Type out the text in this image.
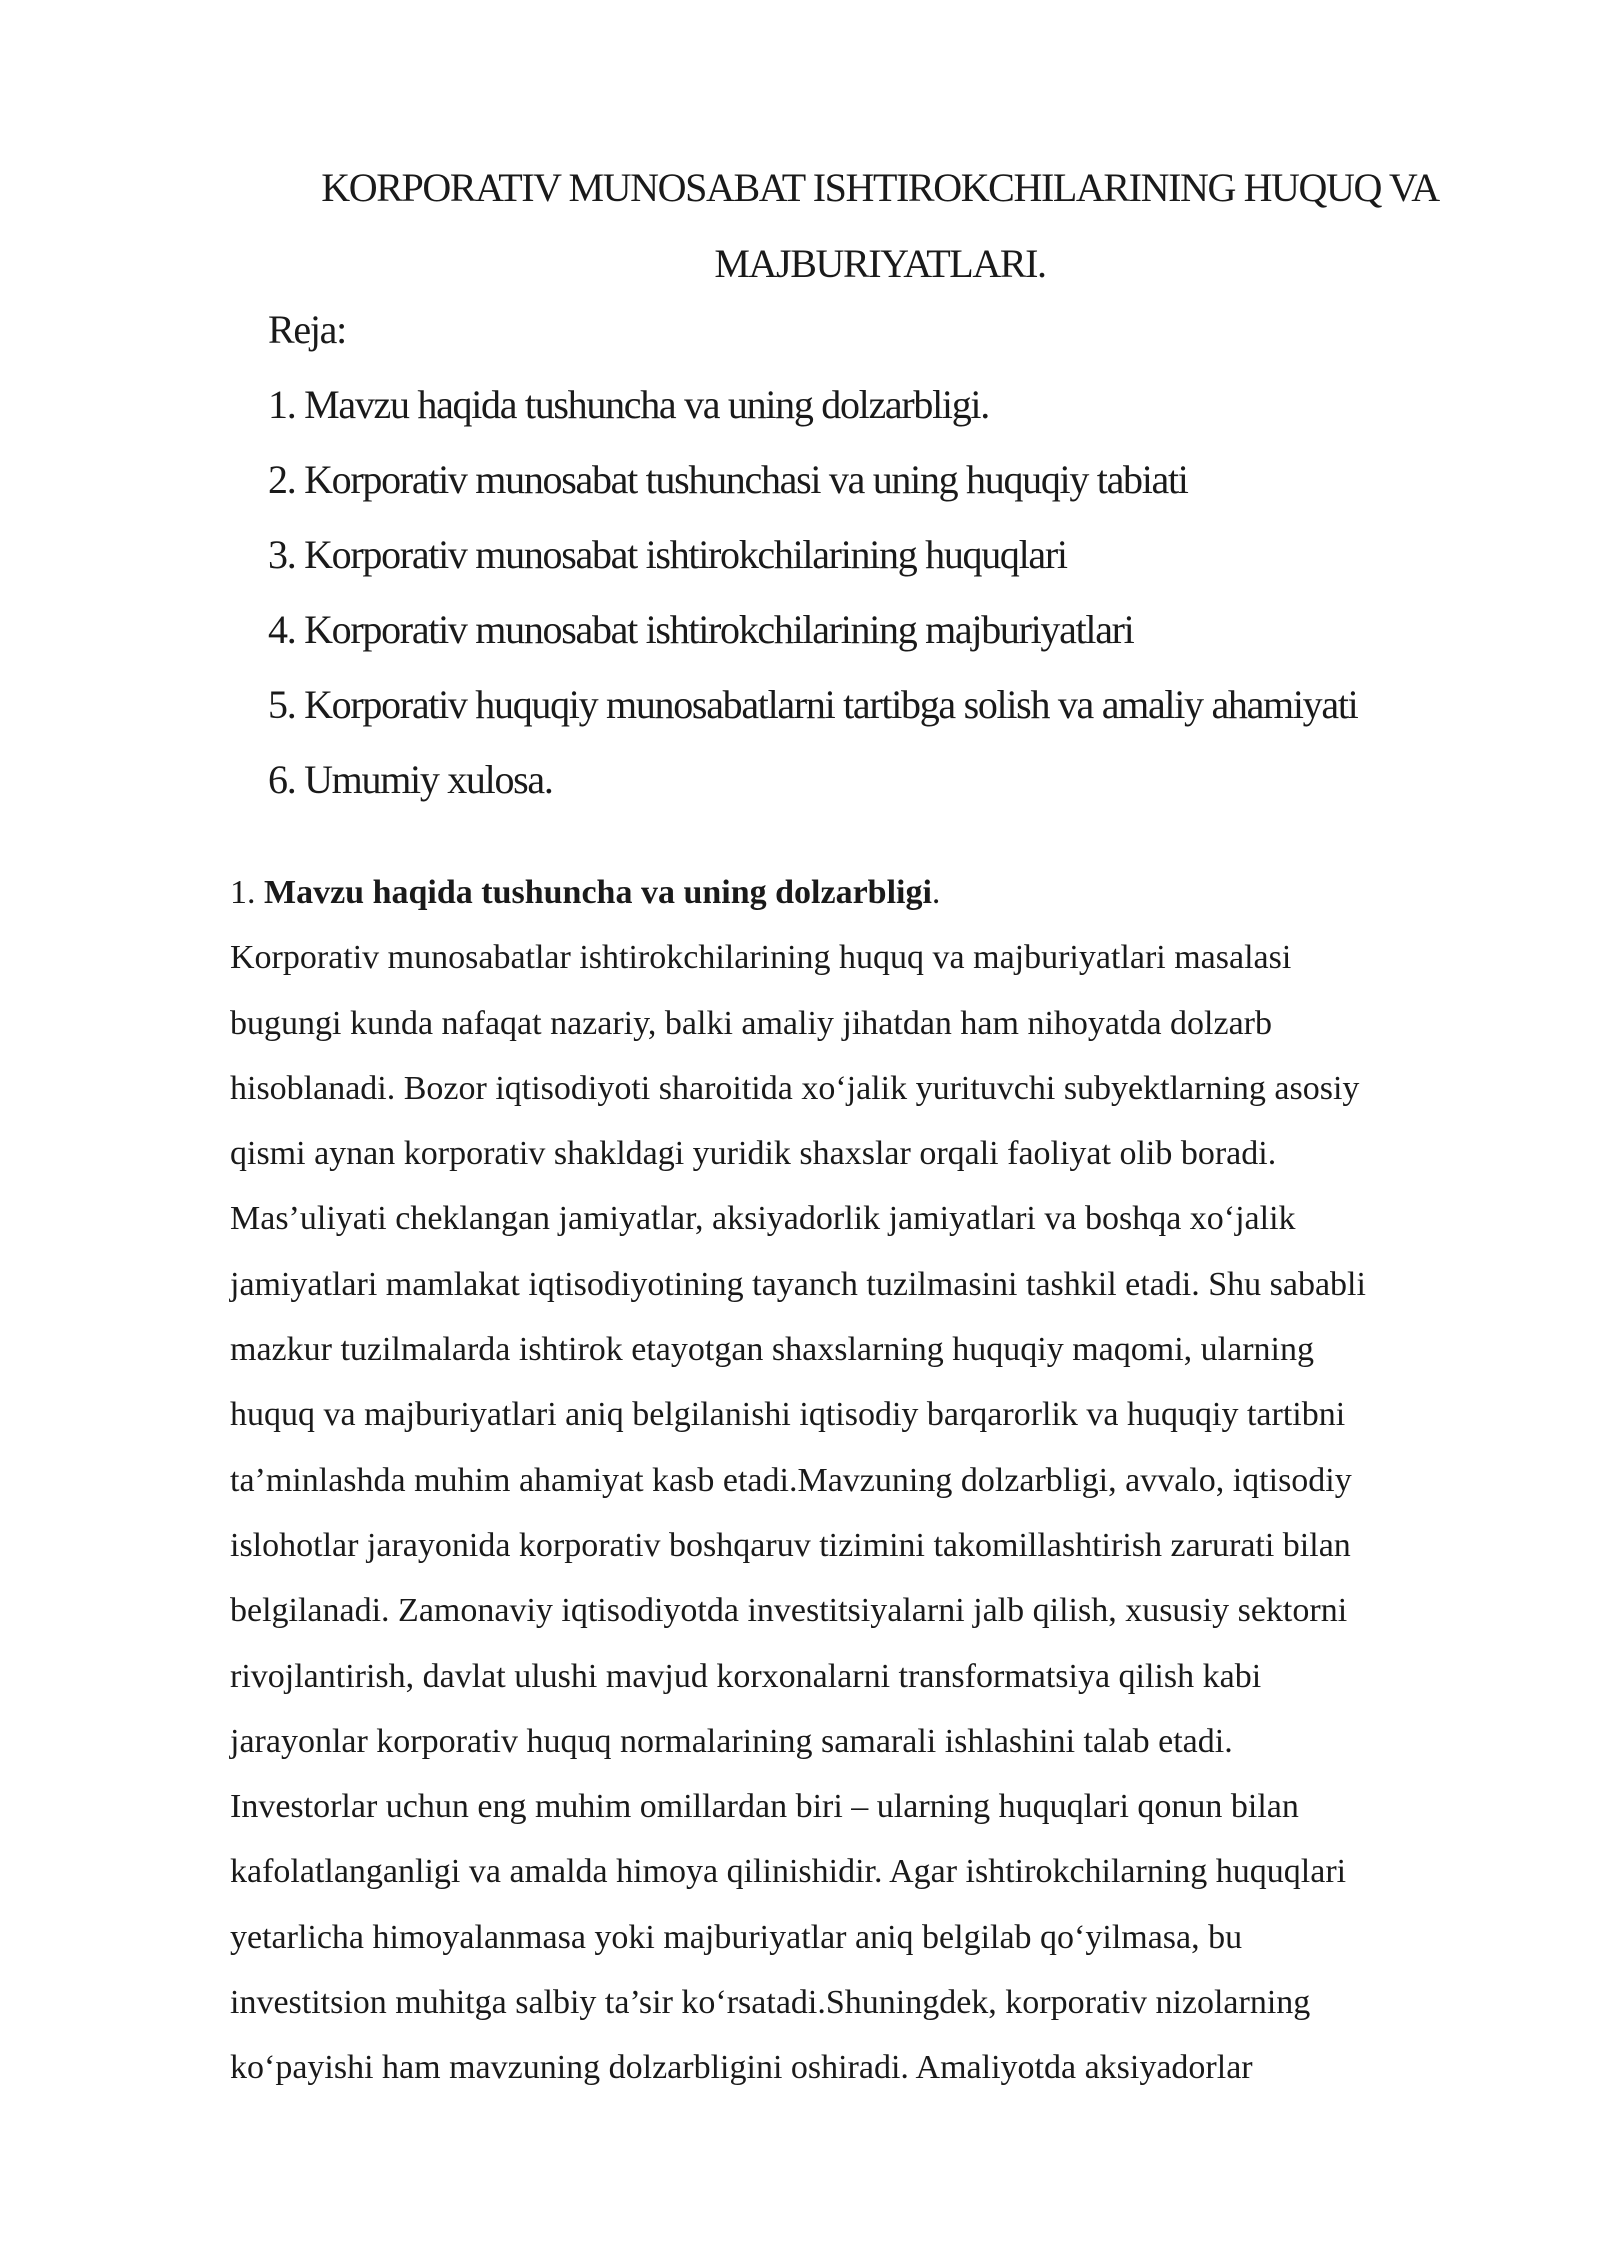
KORPORATIV MUNOSABAT ISHTIROKCHILARINING HUQUQ VA
MAJBURIYATLARI.
Reja:
1. Mavzu haqida tushuncha va uning dolzarbligi.
2. Korporativ munosabat tushunchasi va uning huquqiy tabiati
3. Korporativ munosabat ishtirokchilarining huquqlari
4. Korporativ munosabat ishtirokchilarining majburiyatlari
5. Korporativ huquqiy munosabatlarni tartibga solish va amaliy ahamiyati
6. Umumiy xulosa.
1. Mavzu haqida tushuncha va uning dolzarbligi.
Korporativ munosabatlar ishtirokchilarining huquq va majburiyatlari masalasi
bugungi kunda nafaqat nazariy, balki amaliy jihatdan ham nihoyatda dolzarb
hisoblanadi. Bozor iqtisodiyoti sharoitida xo‘jalik yurituvchi subyektlarning asosiy
qismi aynan korporativ shakldagi yuridik shaxslar orqali faoliyat olib boradi.
Mas’uliyati cheklangan jamiyatlar, aksiyadorlik jamiyatlari va boshqa xo‘jalik
jamiyatlari mamlakat iqtisodiyotining tayanch tuzilmasini tashkil etadi. Shu sababli
mazkur tuzilmalarda ishtirok etayotgan shaxslarning huquqiy maqomi, ularning
huquq va majburiyatlari aniq belgilanishi iqtisodiy barqarorlik va huquqiy tartibni
ta’minlashda muhim ahamiyat kasb etadi.Mavzuning dolzarbligi, avvalo, iqtisodiy
islohotlar jarayonida korporativ boshqaruv tizimini takomillashtirish zarurati bilan
belgilanadi. Zamonaviy iqtisodiyotda investitsiyalarni jalb qilish, xususiy sektorni
rivojlantirish, davlat ulushi mavjud korxonalarni transformatsiya qilish kabi
jarayonlar korporativ huquq normalarining samarali ishlashini talab etadi.
Investorlar uchun eng muhim omillardan biri – ularning huquqlari qonun bilan
kafolatlanganligi va amalda himoya qilinishidir. Agar ishtirokchilarning huquqlari
yetarlicha himoyalanmasa yoki majburiyatlar aniq belgilab qo‘yilmasa, bu
investitsion muhitga salbiy ta’sir ko‘rsatadi.Shuningdek, korporativ nizolarning
ko‘payishi ham mavzuning dolzarbligini oshiradi. Amaliyotda aksiyadorlar
